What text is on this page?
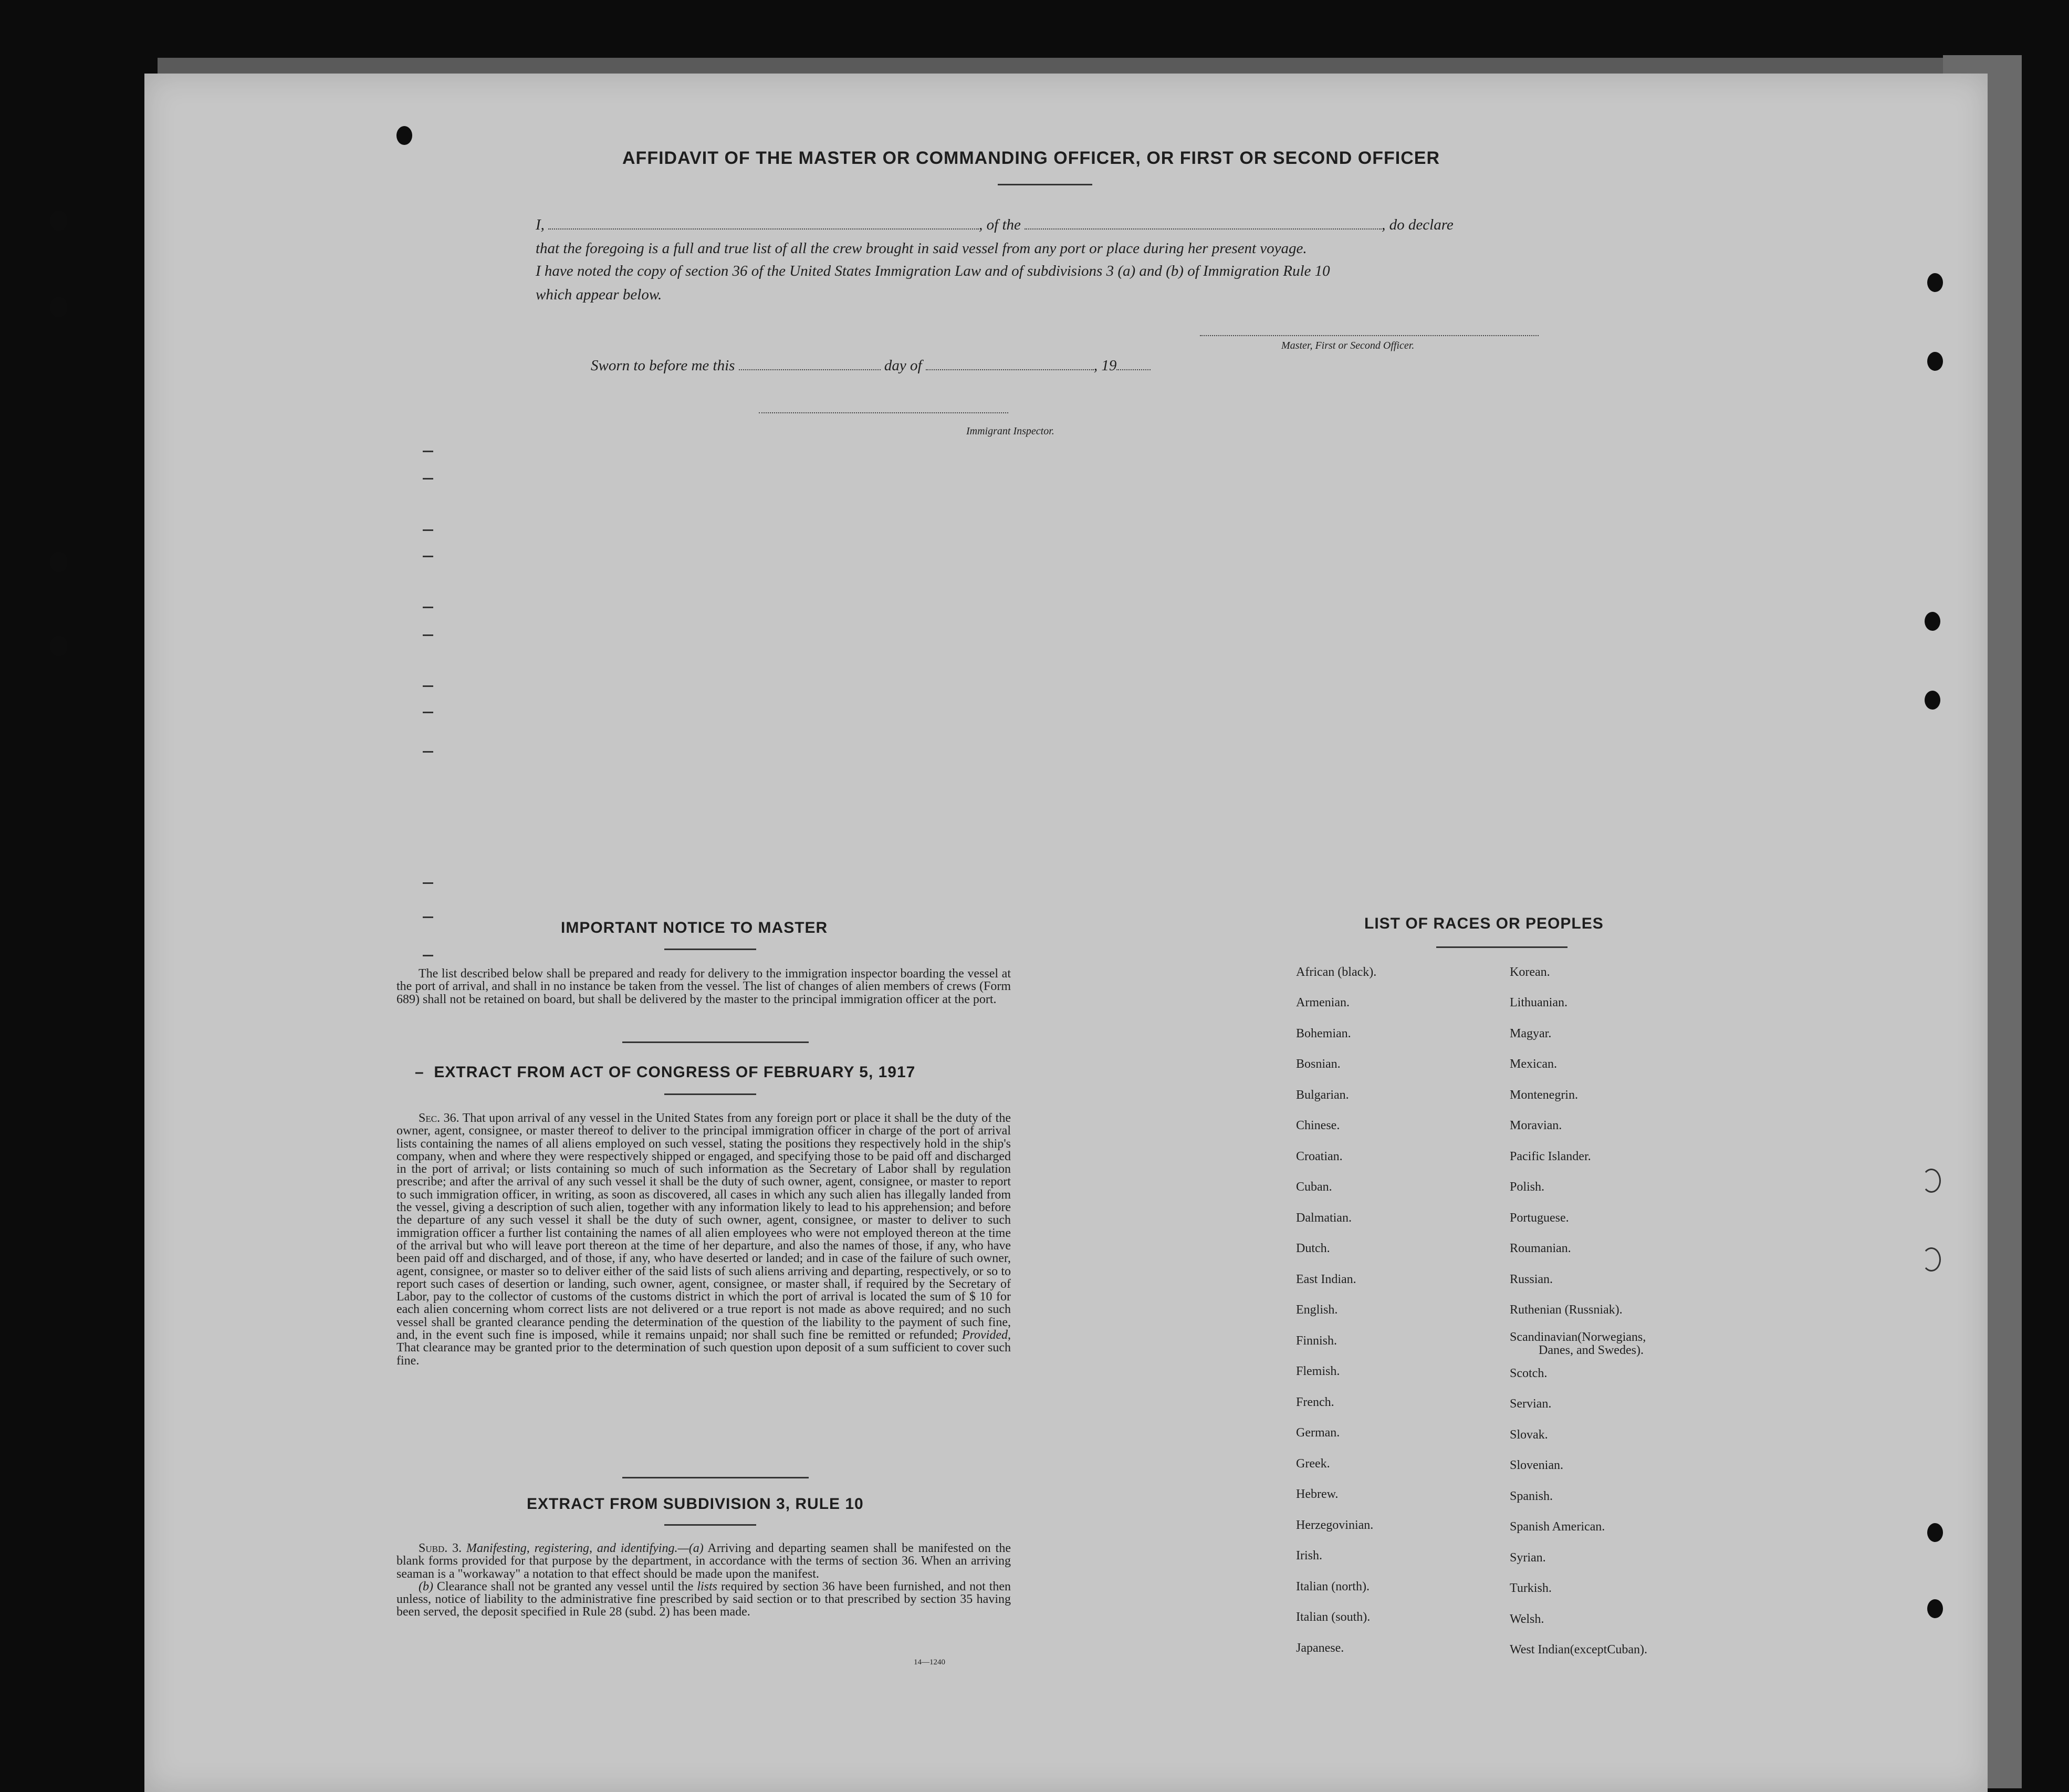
AFFIDAVIT OF THE MASTER OR COMMANDING OFFICER, OR FIRST OR SECOND OFFICER
I,	, of the	, do declare
that the foregoing is a full and true list of all the crew brought in said vessel from any port or place during her present voyage.
I have noted the copy of section 36 of the United States Immigration Law and of subdivisions 3 (a) and (b) of Immigration Rule 10
which appear below.
Master, First or Second Officer.
Sworn to before me this	day of	, 19
Immigrant Inspector.
IMPORTANT NOTICE TO MASTER

The list described below shall be prepared and ready for delivery to the immigration inspector boarding the vessel at the port of arrival, and shall in no instance be taken from the vessel. The list of changes of alien members of crews (Form 689) shall not be retained on board, but shall be delivered by the master to the principal immigration officer at the port.

–  EXTRACT FROM ACT OF CONGRESS OF FEBRUARY 5, 1917

Sec. 36. That upon arrival of any vessel in the United States from any foreign port or place it shall be the duty of the owner, agent, consignee, or master thereof to deliver to the principal immigration officer in charge of the port of arrival lists containing the names of all aliens employed on such vessel, stating the positions they respectively hold in the ship's company, when and where they were respectively shipped or engaged, and specifying those to be paid off and discharged in the port of arrival; or lists containing so much of such information as the Secretary of Labor shall by regulation prescribe; and after the arrival of any such vessel it shall be the duty of such owner, agent, consignee, or master to report to such immigration officer, in writing, as soon as discovered, all cases in which any such alien has illegally landed from the vessel, giving a description of such alien, together with any information likely to lead to his apprehension; and before the departure of any such vessel it shall be the duty of such owner, agent, consignee, or master to deliver to such immigration officer a further list containing the names of all alien employees who were not employed thereon at the time of the arrival but who will leave port thereon at the time of her departure, and also the names of those, if any, who have been paid off and discharged, and of those, if any, who have deserted or landed; and in case of the failure of such owner, agent, consignee, or master so to deliver either of the said lists of such aliens arriving and departing, respectively, or so to report such cases of desertion or landing, such owner, agent, consignee, or master shall, if required by the Secretary of Labor, pay to the collector of customs of the customs district in which the port of arrival is located the sum of $ 10 for each alien concerning whom correct lists are not delivered or a true report is not made as above required; and no such vessel shall be granted clearance pending the determination of the question of the liability to the payment of such fine, and, in the event such fine is imposed, while it remains unpaid; nor shall such fine be remitted or refunded; Provided, That clearance may be granted prior to the determination of such question upon deposit of a sum sufficient to cover such fine.

EXTRACT FROM SUBDIVISION 3, RULE 10

Subd. 3. Manifesting, registering, and identifying.—(a) Arriving and departing seamen shall be manifested on the blank forms provided for that purpose by the department, in accordance with the terms of section 36. When an arriving seaman is a "workaway" a notation to that effect should be made upon the manifest.

(b) Clearance shall not be granted any vessel until the lists required by section 36 have been furnished, and not then unless, notice of liability to the administrative fine prescribed by said section or to that prescribed by section 35 having been served, the deposit specified in Rule 28 (subd. 2) has been made.

14—1240
LIST OF RACES OR PEOPLES
African (black).
Armenian.
Bohemian.
Bosnian.
Bulgarian.
Chinese.
Croatian.
Cuban.
Dalmatian.
Dutch.
East Indian.
English.
Finnish.
Flemish.
French.
German.
Greek.
Hebrew.
Herzegovinian.
Irish.
Italian (north).
Italian (south).
Japanese.
Korean.
Lithuanian.
Magyar.
Mexican.
Montenegrin.
Moravian.
Pacific Islander.
Polish.
Portuguese.
Roumanian.
Russian.
Ruthenian (Russniak).
Scandinavian(Norwegians,
Danes, and Swedes).
Scotch.
Servian.
Slovak.
Slovenian.
Spanish.
Spanish American.
Syrian.
Turkish.
Welsh.
West Indian(exceptCuban).
